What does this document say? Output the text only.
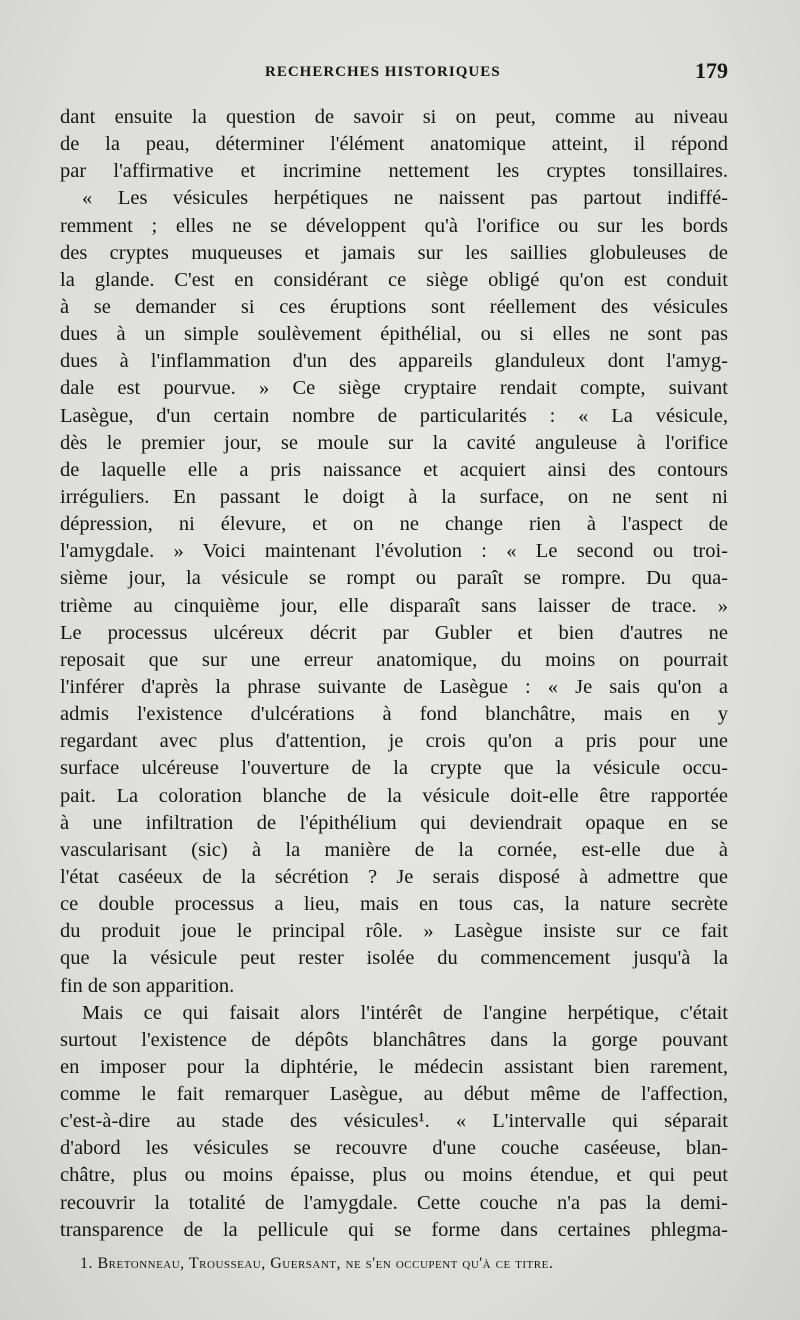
RECHERCHES HISTORIQUES	179
dant ensuite la question de savoir si on peut, comme au niveau
de la peau, déterminer l'élément anatomique atteint, il répond
par l'affirmative et incrimine nettement les cryptes tonsillaires.
« Les vésicules herpétiques ne naissent pas partout indiffé-
remment ; elles ne se développent qu'à l'orifice ou sur les bords
des cryptes muqueuses et jamais sur les saillies globuleuses de
la glande. C'est en considérant ce siège obligé qu'on est conduit
à se demander si ces éruptions sont réellement des vésicules
dues à un simple soulèvement épithélial, ou si elles ne sont pas
dues à l'inflammation d'un des appareils glanduleux dont l'amyg-
dale est pourvue. » Ce siège cryptaire rendait compte, suivant
Lasègue, d'un certain nombre de particularités : « La vésicule,
dès le premier jour, se moule sur la cavité anguleuse à l'orifice
de laquelle elle a pris naissance et acquiert ainsi des contours
irréguliers. En passant le doigt à la surface, on ne sent ni
dépression, ni élevure, et on ne change rien à l'aspect de
l'amygdale. » Voici maintenant l'évolution : « Le second ou troi-
sième jour, la vésicule se rompt ou paraît se rompre. Du qua-
trième au cinquième jour, elle disparaît sans laisser de trace. »
Le processus ulcéreux décrit par Gubler et bien d'autres ne
reposait que sur une erreur anatomique, du moins on pourrait
l'inférer d'après la phrase suivante de Lasègue : « Je sais qu'on a
admis l'existence d'ulcérations à fond blanchâtre, mais en y
regardant avec plus d'attention, je crois qu'on a pris pour une
surface ulcéreuse l'ouverture de la crypte que la vésicule occu-
pait. La coloration blanche de la vésicule doit-elle être rapportée
à une infiltration de l'épithélium qui deviendrait opaque en se
vascularisant (sic) à la manière de la cornée, est-elle due à
l'état caséeux de la sécrétion ? Je serais disposé à admettre que
ce double processus a lieu, mais en tous cas, la nature secrète
du produit joue le principal rôle. » Lasègue insiste sur ce fait
que la vésicule peut rester isolée du commencement jusqu'à la
fin de son apparition.
Mais ce qui faisait alors l'intérêt de l'angine herpétique, c'était
surtout l'existence de dépôts blanchâtres dans la gorge pouvant
en imposer pour la diphtérie, le médecin assistant bien rarement,
comme le fait remarquer Lasègue, au début même de l'affection,
c'est-à-dire au stade des vésicules¹. « L'intervalle qui séparait
d'abord les vésicules se recouvre d'une couche caséeuse, blan-
châtre, plus ou moins épaisse, plus ou moins étendue, et qui peut
recouvrir la totalité de l'amygdale. Cette couche n'a pas la demi-
transparence de la pellicule qui se forme dans certaines phlegma-
1. Bretonneau, Trousseau, Guersant, ne s'en occupent qu'à ce titre.
